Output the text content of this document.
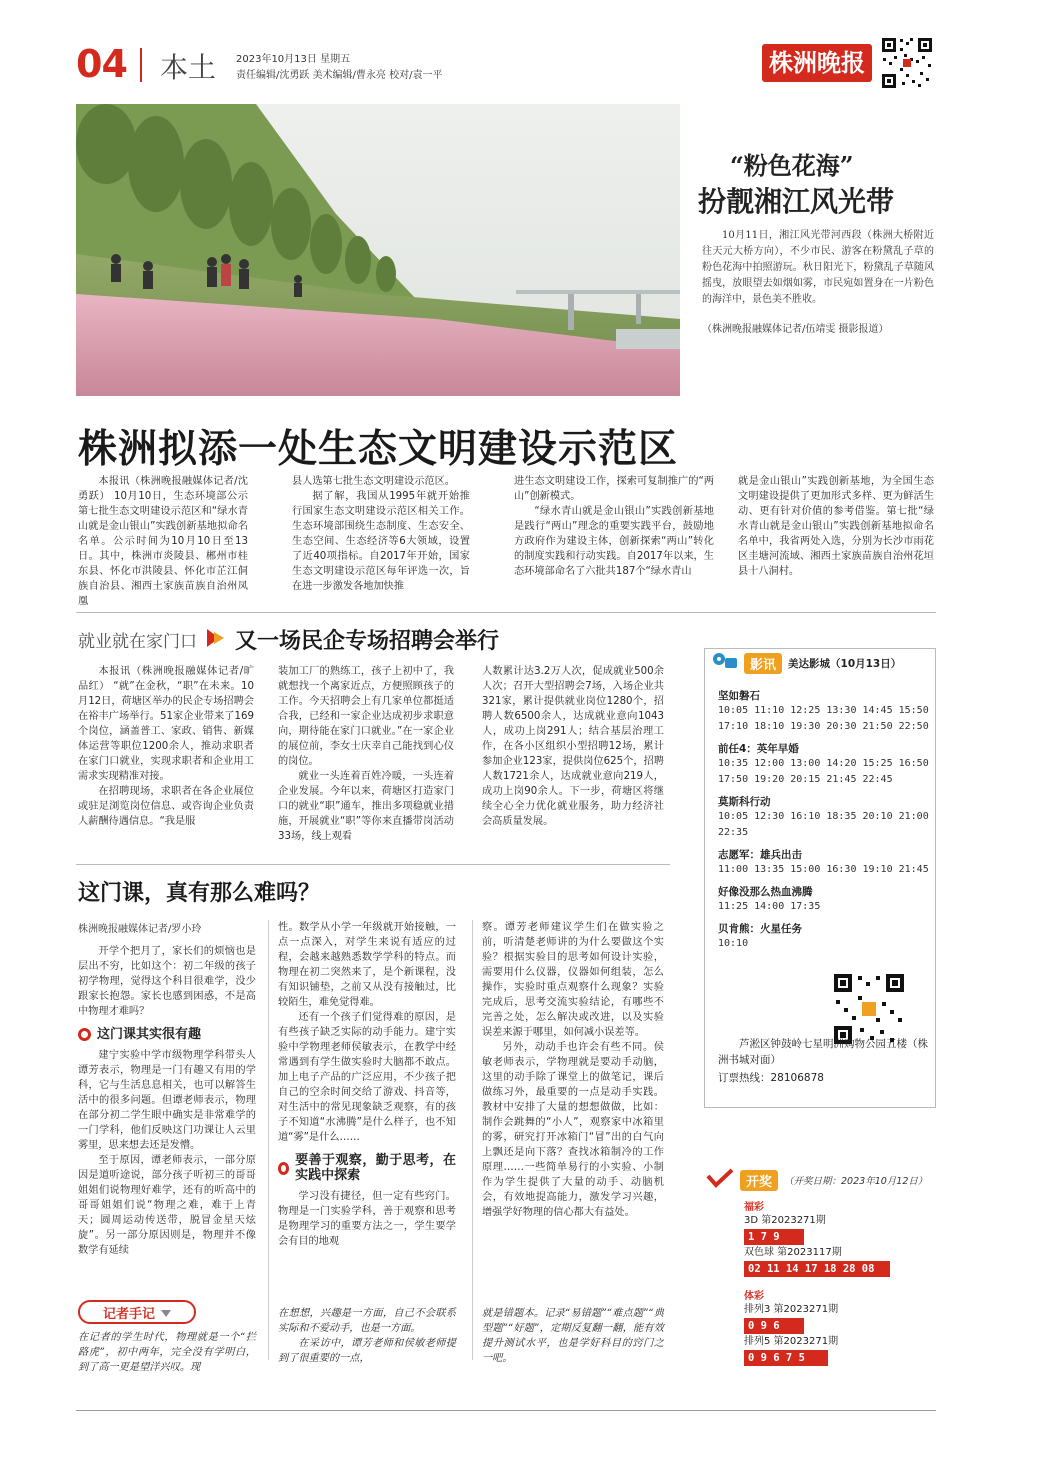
04 本土 2023年10月13日 星期五
责任编辑/沈勇跃 美术编辑/曹永亮 校对/袁一平	株洲晚报
“粉色花海”
扮靓湘江风光带
10月11日，湘江风光带河西段（株洲大桥附近往天元大桥方向），不少市民、游客在粉黛乱子草的粉色花海中拍照游玩。秋日阳光下，粉黛乱子草随风摇曳，放眼望去如烟如雾，市民宛如置身在一片粉色的海洋中，景色美不胜收。
（株洲晚报融媒体记者/伍靖雯 摄影报道）
株洲拟添一处生态文明建设示范区

本报讯（株洲晚报融媒体记者/沈勇跃） 10月10日，生态环境部公示第七批生态文明建设示范区和“绿水青山就是金山银山”实践创新基地拟命名名单。公示时间为10月10日至13日。其中，株洲市炎陵县、郴州市桂东县、怀化市洪陵县、怀化市芷江侗族自治县、湘西土家族苗族自治州凤凰

县人选第七批生态文明建设示范区。

据了解，我国从1995年就开始推行国家生态文明建设示范区相关工作。生态环境部围绕生态制度、生态安全、生态空间、生态经济等6大领域，设置了近40项指标。自2017年开始，国家生态文明建设示范区每年评选一次，旨在进一步激发各地加快推

进生态文明建设工作，探索可复制推广的“两山”创新模式。

“绿水青山就是金山银山”实践创新基地是践行“两山”理念的重要实践平台，鼓励地方政府作为建设主体，创新探索“两山”转化的制度实践和行动实践。自2017年以来，生态环境部命名了六批共187个“绿水青山

就是金山银山”实践创新基地，为全国生态文明建设提供了更加形式多样、更为鲜活生动、更有针对价值的参考借鉴。第七批“绿水青山就是金山银山”实践创新基地拟命名名单中，我省两处入选，分别为长沙市雨花区圭塘河流域、湘西土家族苗族自治州花垣县十八洞村。

就业就在家门口 又一场民企专场招聘会举行

本报讯（株洲晚报融媒体记者/旷品红） “就”在金秋，“职”在未来。10月12日，荷塘区举办的民企专场招聘会在裕丰广场举行。51家企业带来了169个岗位，涵盖普工、家政、销售、新媒体运营等职位1200余人，推动求职者在家门口就业，实现求职者和企业用工需求实现精准对接。

在招聘现场，求职者在各企业展位或驻足浏览岗位信息、或咨询企业负责人薪酬待遇信息。“我是服

装加工厂的熟练工，孩子上初中了，我就想找一个离家近点，方便照顾孩子的工作。今天招聘会上有几家单位都挺适合我，已经和一家企业达成初步求职意向，期待能在家门口就业。”在一家企业的展位前，李女士庆幸自己能找到心仪的岗位。

就业一头连着百姓冷暖，一头连着企业发展。今年以来，荷塘区打造家门口的就业“职”通车，推出多项稳就业措施，开展就业“职”等你来直播带岗活动33场，线上观看

人数累计达3.2万人次，促成就业500余人次；召开大型招聘会7场，入场企业共321家，累计提供就业岗位1280个，招聘人数6500余人，达成就业意向1043人，成功上岗291人；结合基层治理工作，在各小区组织小型招聘12场，累计参加企业123家，提供岗位625个，招聘人数1721余人，达成就业意向219人，成功上岗90余人。下一步，荷塘区将继续全心全力优化就业服务，助力经济社会高质量发展。

这门课，真有那么难吗？
株洲晚报融媒体记者/罗小玲

开学个把月了，家长们的烦恼也是层出不穷，比如这个：初二年级的孩子初学物理，觉得这个科目很难学，没少跟家长抱怨。家长也感到困惑，不是高中物理才难吗？

这门课其实很有趣

建宁实验中学市级物理学科带头人谭芳表示，物理是一门有趣又有用的学科，它与生活息息相关，也可以解答生活中的很多问题。但谭老师表示，物理在部分初二学生眼中确实是非常难学的一门学科，他们反映这门功课让人云里雾里，思来想去还是发懵。

至于原因，谭老师表示，一部分原因是道听途说，部分孩子听初三的哥哥姐姐们说物理好难学，还有的听高中的哥哥姐姐们说“物理之难，难于上青天；圆周运动传送带，脱冒金星天炫旋”。另一部分原因则是，物理并不像数学有延续

性。数学从小学一年级就开始接触，一点一点深入，对学生来说有适应的过程，会越来越熟悉数学学科的特点。而物理在初二突然来了，是个新课程，没有知识铺垫，之前又从没有接触过，比较陌生，难免觉得难。

还有一个孩子们觉得难的原因，是有些孩子缺乏实际的动手能力。建宁实验中学物理老师侯敏表示，在教学中经常遇到有学生做实验时大脑都不敢点。加上电子产品的广泛应用，不少孩子把自己的空余时间交给了游戏、抖音等，对生活中的常见现象缺乏观察，有的孩子不知道“水沸腾”是什么样子，也不知道“雾”是什么……

要善于观察，勤于思考，在实践中探索

学习没有捷径，但一定有些窍门。物理是一门实验学科，善于观察和思考是物理学习的重要方法之一，学生要学会有目的地观

察。谭芳老师建议学生们在做实验之前，听清楚老师讲的为什么要做这个实验？根据实验目的思考如何设计实验，需要用什么仪器，仪器如何组装，怎么操作，实验时重点观察什么现象？实验完成后，思考交流实验结论，有哪些不完善之处，怎么解决或改进，以及实验误差来源于哪里，如何减小误差等。

另外，动动手也许会有些不同。侯敏老师表示，学物理就是要动手动脑，这里的动手除了课堂上的做笔记，课后做练习外，最重要的一点是动手实践。教材中安排了大量的想想做做，比如：制作会跳舞的“小人”，观察家中冰箱里的雾，研究打开冰箱门“冒”出的白气向上飘还是向下落？查找冰箱制冷的工作原理……一些简单易行的小实验、小制作为学生提供了大量的动手、动脑机会，有效地提高能力，激发学习兴趣，增强学好物理的信心都大有益处。

记者手记

在记者的学生时代，物理就是一个“拦路虎”，初中两年，完全没有学明白，到了高一更是望洋兴叹。现

在想想，兴趣是一方面，自己不会联系实际和不爱动手，也是一方面。

在采访中，谭芳老师和侯敏老师提到了很重要的一点，

就是错题本。记录“易错题”“难点题”“典型题”“好题”，定期反复翻一翻，能有效提升测试水平，也是学好科目的窍门之一吧。

影讯	美达影城（10月13日）
坚如磐石
10:05 11:10 12:25 13:30 14:45 15:50 17:10 18:10 19:30 20:30 21:50 22:50
前任4：英年早婚
10:35 12:00 13:00 14:20 15:25 16:50 17:50 19:20 20:15 21:45 22:45
莫斯科行动
10:05 12:30 16:10 18:35 20:10 21:00 22:35
志愿军：雄兵出击
11:00 13:35 15:00 16:30 19:10 21:45
好像没那么热血沸腾
11:25 14:00 17:35
贝肯熊：火星任务
10:10
芦淞区钟鼓岭七星明洲购物公园五楼（株洲书城对面）
订票热线：28106878
开奖	（开奖日期：2023年10月12日）
福彩
3D 第2023271期
1 7 9
双色球 第2023117期
02 11 14 17 18 28 08
体彩
排列3 第2023271期
0 9 6
排列5 第2023271期
0 9 6 7 5
